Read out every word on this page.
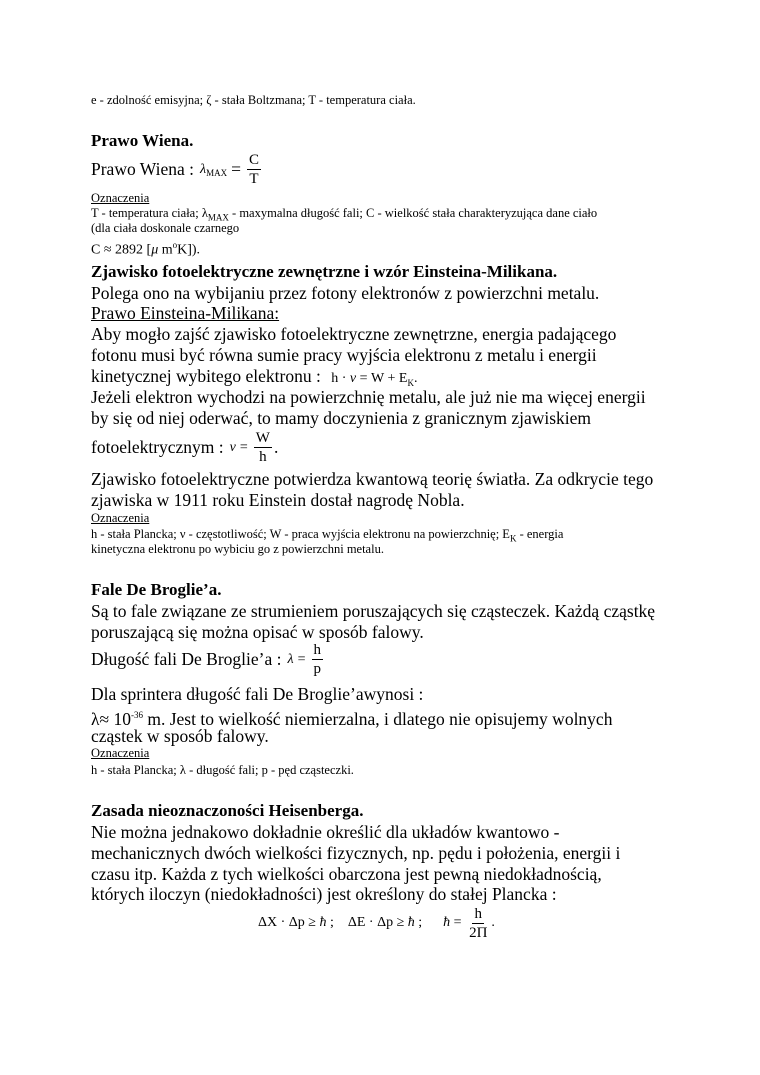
e - zdolność emisyjna; ζ - stała Boltzmana; T - temperatura ciała.
Prawo Wiena.
Prawo Wiena : $\lambda_{MAX} = \frac{C}{T}$
Oznaczenia
T - temperatura ciała; $\lambda_{MAX}$ - maxymalna długość fali; C - wielkość stała charakteryzująca dane ciało
(dla ciała doskonale czarnego
C ≈ 2892 [μ $m^oK$]).
Zjawisko fotoelektryczne zewnętrzne i wzór Einsteina-Milikana.
Polega ono na wybijaniu przez fotony elektronów z powierzchni metalu.
Prawo Einsteina-Milikana:
Aby mogło zajść zjawisko fotoelektryczne zewnętrzne, energia padającego
fotonu musi być równa sumie pracy wyjścia elektronu z metalu i energii
kinetycznej wybitego elektronu : $h \cdot \nu = W + E_K$.
Jeżeli elektron wychodzi na powierzchnię metalu, ale już nie ma więcej energii
by się od niej oderwać, to mamy doczynienia z granicznym zjawiskiem
fotoelektrycznym : $\nu = \frac{W}{h}$ .
Zjawisko fotoelektryczne potwierdza kwantową teorię światła. Za odkrycie tego
zjawiska w 1911 roku Einstein dostał nagrodę Nobla.
Oznaczenia
h - stała Plancka; ν - częstotliwość; W - praca wyjścia elektronu na powierzchnię; $E_K$ - energia
kinetyczna elektronu po wybiciu go z powierzchni metalu.
Fale De Broglie’a.
Są to fale związane ze strumieniem poruszających się cząsteczek. Każdą cząstkę
poruszającą się można opisać w sposób falowy.
Długość fali De Broglie’a : $\lambda = \frac{h}{p}$
Dla sprintera długość fali De Broglie’awynosi :
$\lambda\approx 10^{-36}$ m. Jest to wielkość niemierzalna, i dlatego nie opisujemy wolnych
cząstek w sposób falowy.
Oznaczenia
h - stała Plancka; λ - długość fali; p - pęd cząsteczki.
Zasada nieoznaczoności Heisenberga.
Nie można jednakowo dokładnie określić dla układów kwantowo -
mechanicznych dwóch wielkości fizycznych, np. pędu i położenia, energii i
czasu itp. Każda z tych wielkości obarczona jest pewną niedokładnością,
których iloczyn (niedokładności) jest określony do stałej Plancka :
ΔX · Δp ≥ ħ ; ΔE · Δp ≥ ħ ; ħ = $\frac{h}{2\Pi}$ .
